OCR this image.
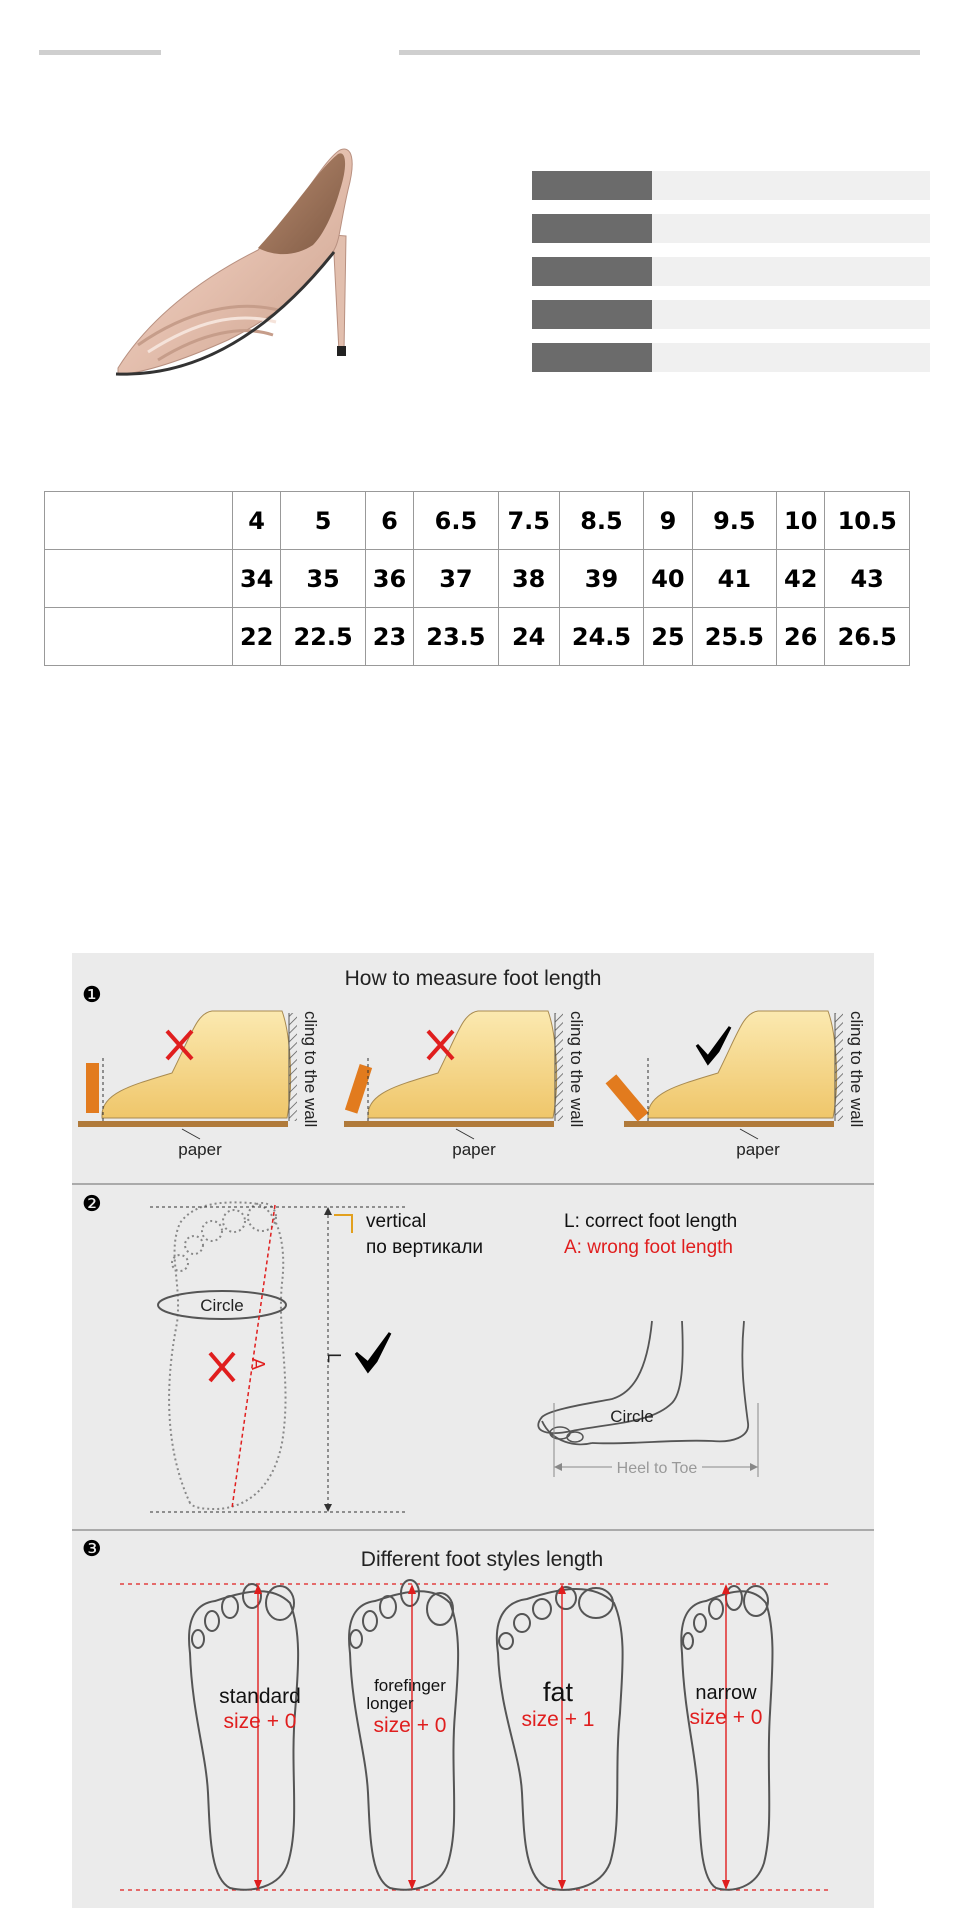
	4	5	6	6.5	7.5	8.5	9	9.5	10	10.5
	34	35	36	37	38	39	40	41	42	43
	22	22.5	23	23.5	24	24.5	25	25.5	26	26.5
❶
How to measure foot length
paper
cling to the wall
paper
cling to the wall
paper
cling to the wall
❷
Circle
A	L
vertical
по вертикали
L: correct foot length
A: wrong foot length
Circle
Heel to Toe
❸	Different foot styles length
standard
size + 0
forefinger
longer
size + 0
fat
size + 1
narrow
size + 0
